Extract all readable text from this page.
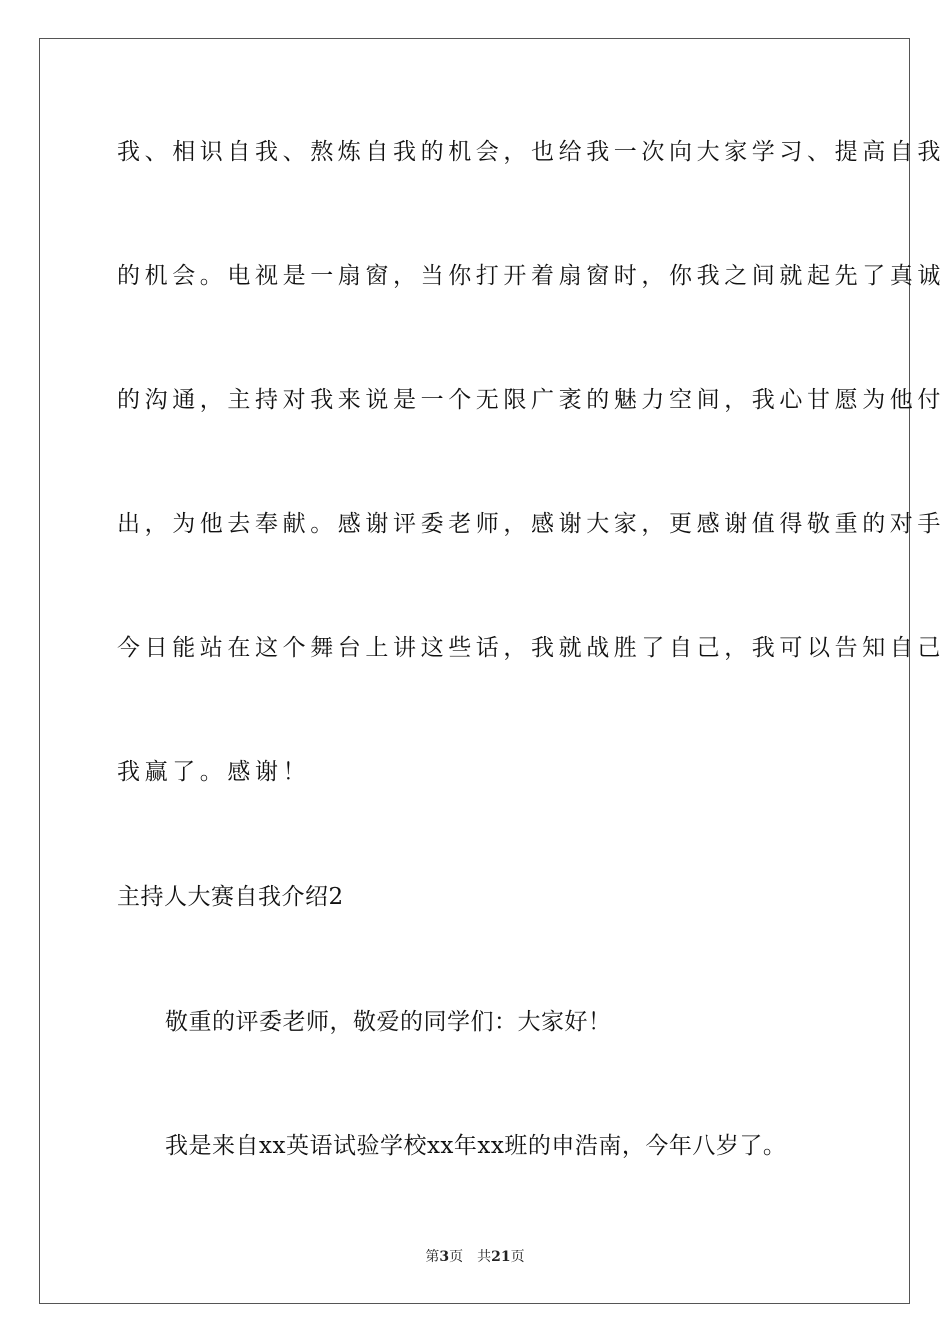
我、相识自我、熬炼自我的机会，也给我一次向大家学习、提高自我
的机会。电视是一扇窗，当你打开着扇窗时，你我之间就起先了真诚
的沟通，主持对我来说是一个无限广袤的魅力空间，我心甘愿为他付
出，为他去奉献。感谢评委老师，感谢大家，更感谢值得敬重的对手
今日能站在这个舞台上讲这些话，我就战胜了自己，我可以告知自己
我赢了。感谢！
主持人大赛自我介绍2
敬重的评委老师，敬爱的同学们：大家好！
我是来自xx英语试验学校xx年xx班的申浩南，今年八岁了。
第3页　共21页
